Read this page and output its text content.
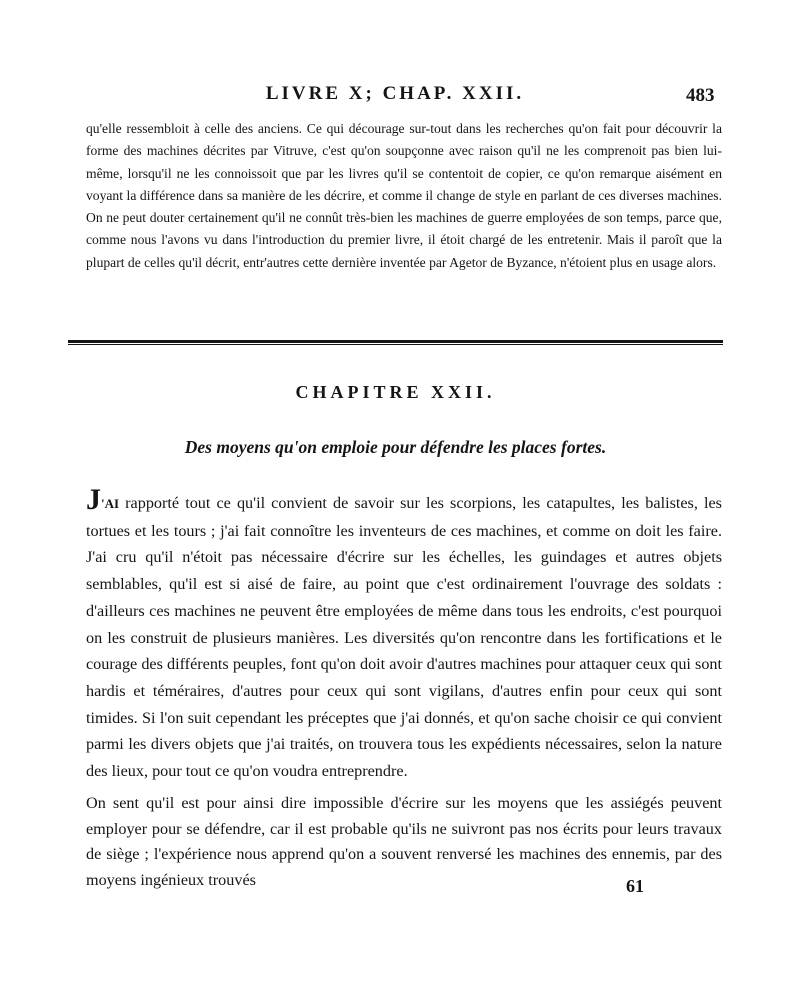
LIVRE X; CHAP. XXII.	483

qu'elle ressembloit à celle des anciens. Ce qui décourage sur-tout dans les recherches qu'on fait pour découvrir la forme des machines décrites par Vitruve, c'est qu'on soupçonne avec raison qu'il ne les comprenoit pas bien lui-même, lorsqu'il ne les connoissoit que par les livres qu'il se contentoit de copier, ce qu'on remarque aisément en voyant la différence dans sa manière de les décrire, et comme il change de style en parlant de ces diverses machines. On ne peut douter certainement qu'il ne connût très-bien les machines de guerre employées de son temps, parce que, comme nous l'avons vu dans l'introduction du premier livre, il étoit chargé de les entretenir. Mais il paroît que la plupart de celles qu'il décrit, entr'autres cette dernière inventée par Agetor de Byzance, n'étoient plus en usage alors.

CHAPITRE XXII.
Des moyens qu'on emploie pour défendre les places fortes.

J'AI rapporté tout ce qu'il convient de savoir sur les scorpions, les catapultes, les balistes, les tortues et les tours ; j'ai fait connoître les inventeurs de ces machines, et comme on doit les faire. J'ai cru qu'il n'étoit pas nécessaire d'écrire sur les échelles, les guindages et autres objets semblables, qu'il est si aisé de faire, au point que c'est ordinairement l'ouvrage des soldats : d'ailleurs ces machines ne peuvent être employées de même dans tous les endroits, c'est pourquoi on les construit de plusieurs manières. Les diversités qu'on rencontre dans les fortifications et le courage des différents peuples, font qu'on doit avoir d'autres machines pour attaquer ceux qui sont hardis et téméraires, d'autres pour ceux qui sont vigilans, d'autres enfin pour ceux qui sont timides. Si l'on suit cependant les préceptes que j'ai donnés, et qu'on sache choisir ce qui convient parmi les divers objets que j'ai traités, on trouvera tous les expédients nécessaires, selon la nature des lieux, pour tout ce qu'on voudra entreprendre.

On sent qu'il est pour ainsi dire impossible d'écrire sur les moyens que les assiégés peuvent employer pour se défendre, car il est probable qu'ils ne suivront pas nos écrits pour leurs travaux de siège ; l'expérience nous apprend qu'on a souvent renversé les machines des ennemis, par des moyens ingénieux trouvés	61
